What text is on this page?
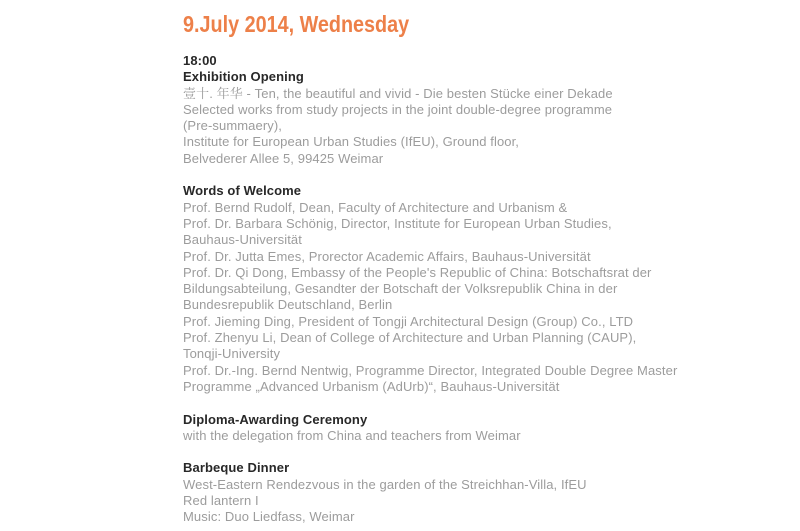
9.July 2014, Wednesday
18:00
Exhibition Opening
壹十. 年华 - Ten, the beautiful and vivid - Die besten Stücke einer Dekade
Selected works from study projects in the joint double-degree programme
(Pre-summaery),
Institute for European Urban Studies (IfEU), Ground floor,
Belvederer Allee 5, 99425 Weimar
Words of Welcome
Prof. Bernd Rudolf, Dean, Faculty of Architecture and Urbanism &
Prof. Dr. Barbara Schönig, Director, Institute for European Urban Studies,
Bauhaus-Universität
Prof. Dr. Jutta Emes, Prorector Academic Affairs, Bauhaus-Universität
Prof. Dr. Qi Dong, Embassy of the People's Republic of China: Botschaftsrat der
Bildungsabteilung, Gesandter der Botschaft der Volksrepublik China in der
Bundesrepublik Deutschland, Berlin
Prof. Jieming Ding, President of Tongji Architectural Design (Group) Co., LTD
Prof. Zhenyu Li, Dean of College of Architecture and Urban Planning (CAUP),
Tonqji-University
Prof. Dr.-Ing. Bernd Nentwig, Programme Director, Integrated Double Degree Master
Programme „Advanced Urbanism (AdUrb)“, Bauhaus-Universität
Diploma-Awarding Ceremony
with the delegation from China and teachers from Weimar
Barbeque Dinner
West-Eastern Rendezvous in the garden of the Streichhan-Villa, IfEU
Red lantern I
Music: Duo Liedfass, Weimar
